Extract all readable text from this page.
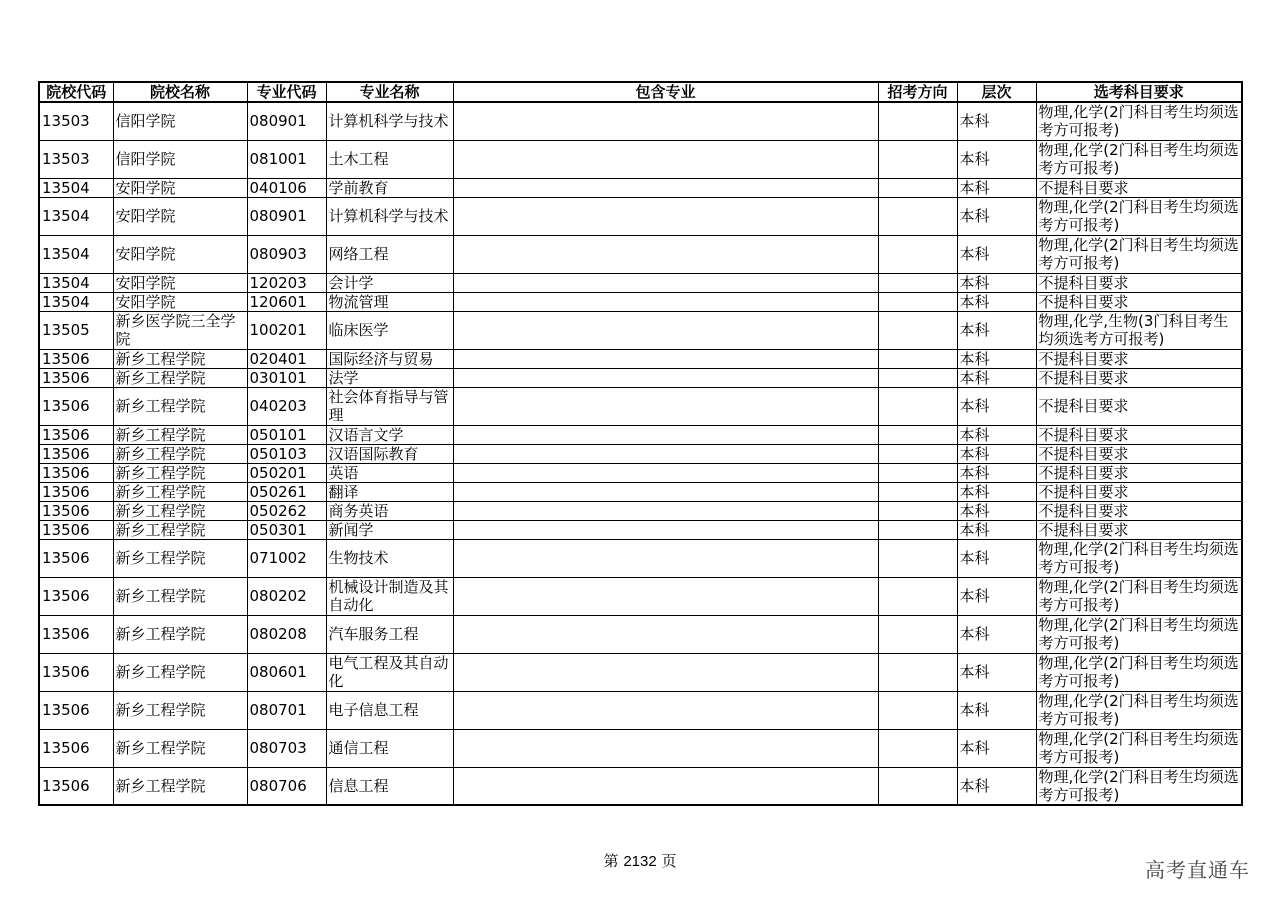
院校代码	院校名称	专业代码	专业名称	包含专业	招考方向	层次	选考科目要求
13503	信阳学院	080901	计算机科学与技术			本科	物理,化学(2门科目考生均须选考方可报考)
13503	信阳学院	081001	土木工程			本科	物理,化学(2门科目考生均须选考方可报考)
13504	安阳学院	040106	学前教育			本科	不提科目要求
13504	安阳学院	080901	计算机科学与技术			本科	物理,化学(2门科目考生均须选考方可报考)
13504	安阳学院	080903	网络工程			本科	物理,化学(2门科目考生均须选考方可报考)
13504	安阳学院	120203	会计学			本科	不提科目要求
13504	安阳学院	120601	物流管理			本科	不提科目要求
13505	新乡医学院三全学院	100201	临床医学			本科	物理,化学,生物(3门科目考生均须选考方可报考)
13506	新乡工程学院	020401	国际经济与贸易			本科	不提科目要求
13506	新乡工程学院	030101	法学			本科	不提科目要求
13506	新乡工程学院	040203	社会体育指导与管理			本科	不提科目要求
13506	新乡工程学院	050101	汉语言文学			本科	不提科目要求
13506	新乡工程学院	050103	汉语国际教育			本科	不提科目要求
13506	新乡工程学院	050201	英语			本科	不提科目要求
13506	新乡工程学院	050261	翻译			本科	不提科目要求
13506	新乡工程学院	050262	商务英语			本科	不提科目要求
13506	新乡工程学院	050301	新闻学			本科	不提科目要求
13506	新乡工程学院	071002	生物技术			本科	物理,化学(2门科目考生均须选考方可报考)
13506	新乡工程学院	080202	机械设计制造及其自动化			本科	物理,化学(2门科目考生均须选考方可报考)
13506	新乡工程学院	080208	汽车服务工程			本科	物理,化学(2门科目考生均须选考方可报考)
13506	新乡工程学院	080601	电气工程及其自动化			本科	物理,化学(2门科目考生均须选考方可报考)
13506	新乡工程学院	080701	电子信息工程			本科	物理,化学(2门科目考生均须选考方可报考)
13506	新乡工程学院	080703	通信工程			本科	物理,化学(2门科目考生均须选考方可报考)
13506	新乡工程学院	080706	信息工程			本科	物理,化学(2门科目考生均须选考方可报考)
第 2132 页	高考直通车
